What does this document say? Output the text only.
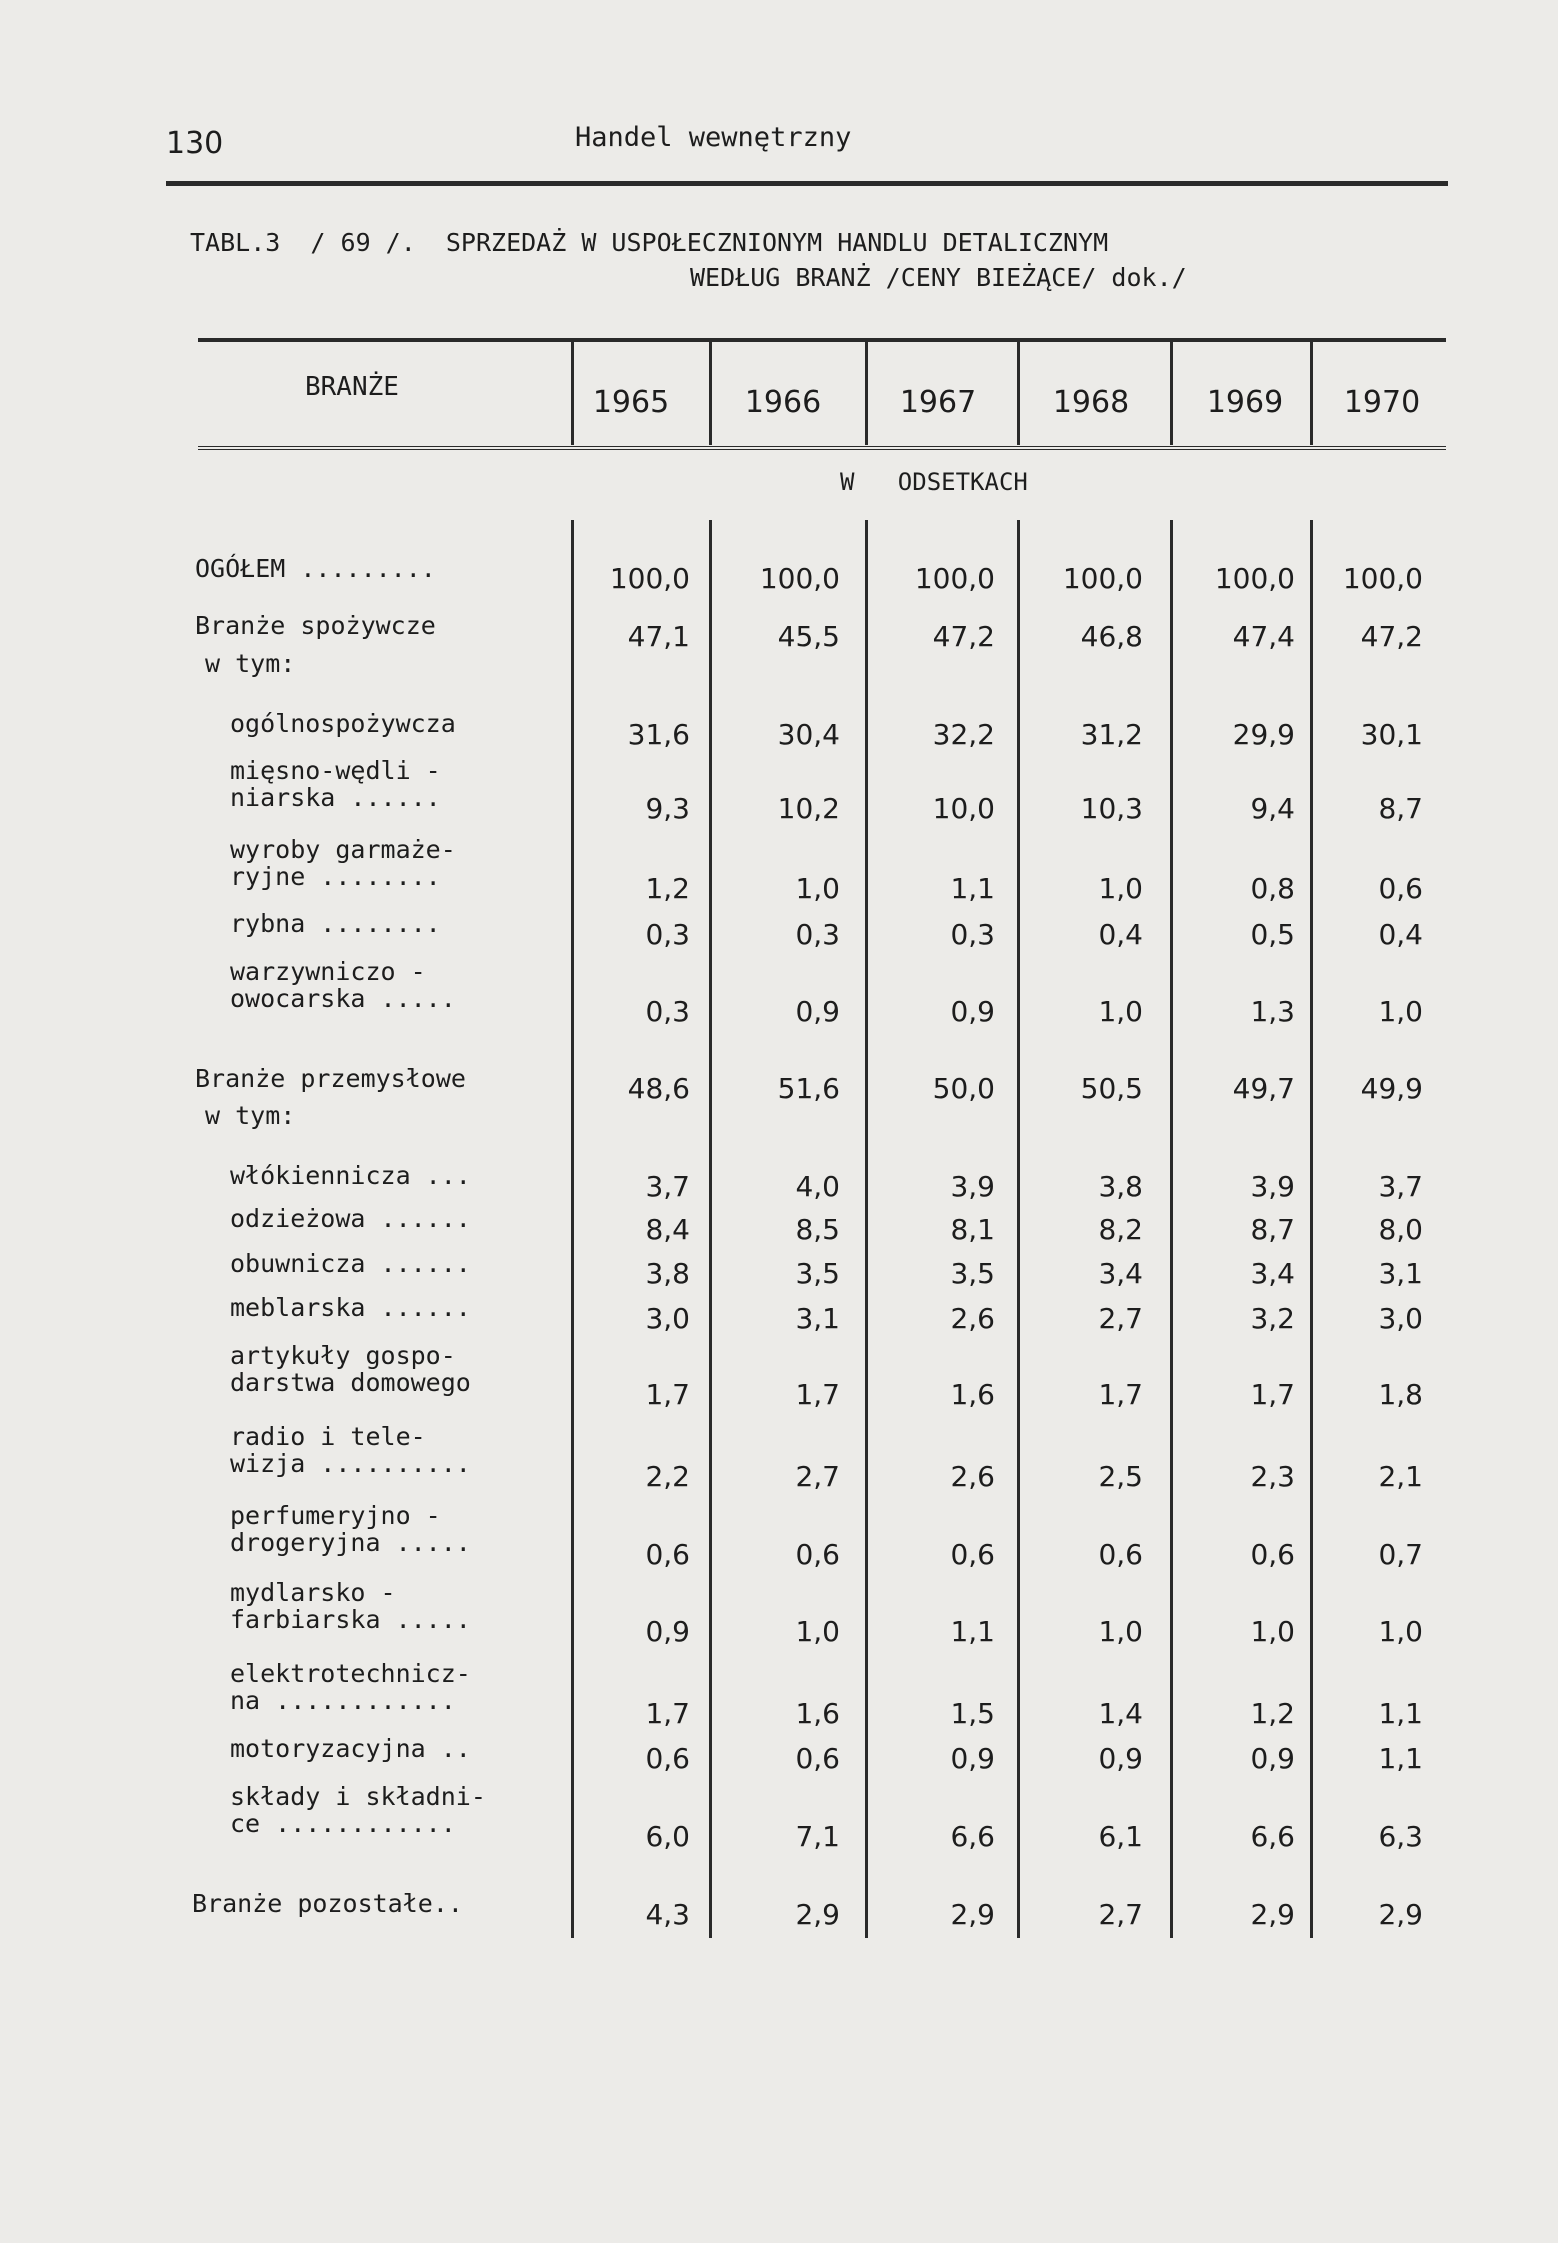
130	Handel wewnętrzny
TABL.3  / 69 /.  SPRZEDAŻ W USPOŁECZNIONYM HANDLU DETALICZNYM
WEDŁUG BRANŻ /CENY BIEŻĄCE/ dok./
BRANŻE	1965	1966	1967	1968	1969	1970
W   ODSETKACH
OGÓŁEM .........	100,0	100,0	100,0	100,0	100,0	100,0
Branże spożywcze	47,1	45,5	47,2	46,8	47,4	47,2
w tym:
ogólnospożywcza	31,6	30,4	32,2	31,2	29,9	30,1
mięsno-wędli -
niarska ......	9,3	10,2	10,0	10,3	9,4	8,7
wyroby garmaże-
ryjne ........	1,2	1,0	1,1	1,0	0,8	0,6
rybna ........	0,3	0,3	0,3	0,4	0,5	0,4
warzywniczo -
owocarska .....	0,3	0,9	0,9	1,0	1,3	1,0
Branże przemysłowe	48,6	51,6	50,0	50,5	49,7	49,9
w tym:
włókiennicza ...	3,7	4,0	3,9	3,8	3,9	3,7
odzieżowa ......	8,4	8,5	8,1	8,2	8,7	8,0
obuwnicza ......	3,8	3,5	3,5	3,4	3,4	3,1
meblarska ......	3,0	3,1	2,6	2,7	3,2	3,0
artykuły gospo-
darstwa domowego	1,7	1,7	1,6	1,7	1,7	1,8
radio i tele-
wizja ..........	2,2	2,7	2,6	2,5	2,3	2,1
perfumeryjno -
drogeryjna .....	0,6	0,6	0,6	0,6	0,6	0,7
mydlarsko -
farbiarska .....	0,9	1,0	1,1	1,0	1,0	1,0
elektrotechnicz-
na ............	1,7	1,6	1,5	1,4	1,2	1,1
motoryzacyjna ..	0,6	0,6	0,9	0,9	0,9	1,1
składy i składni-
ce ............	6,0	7,1	6,6	6,1	6,6	6,3
Branże pozostałe..	4,3	2,9	2,9	2,7	2,9	2,9
